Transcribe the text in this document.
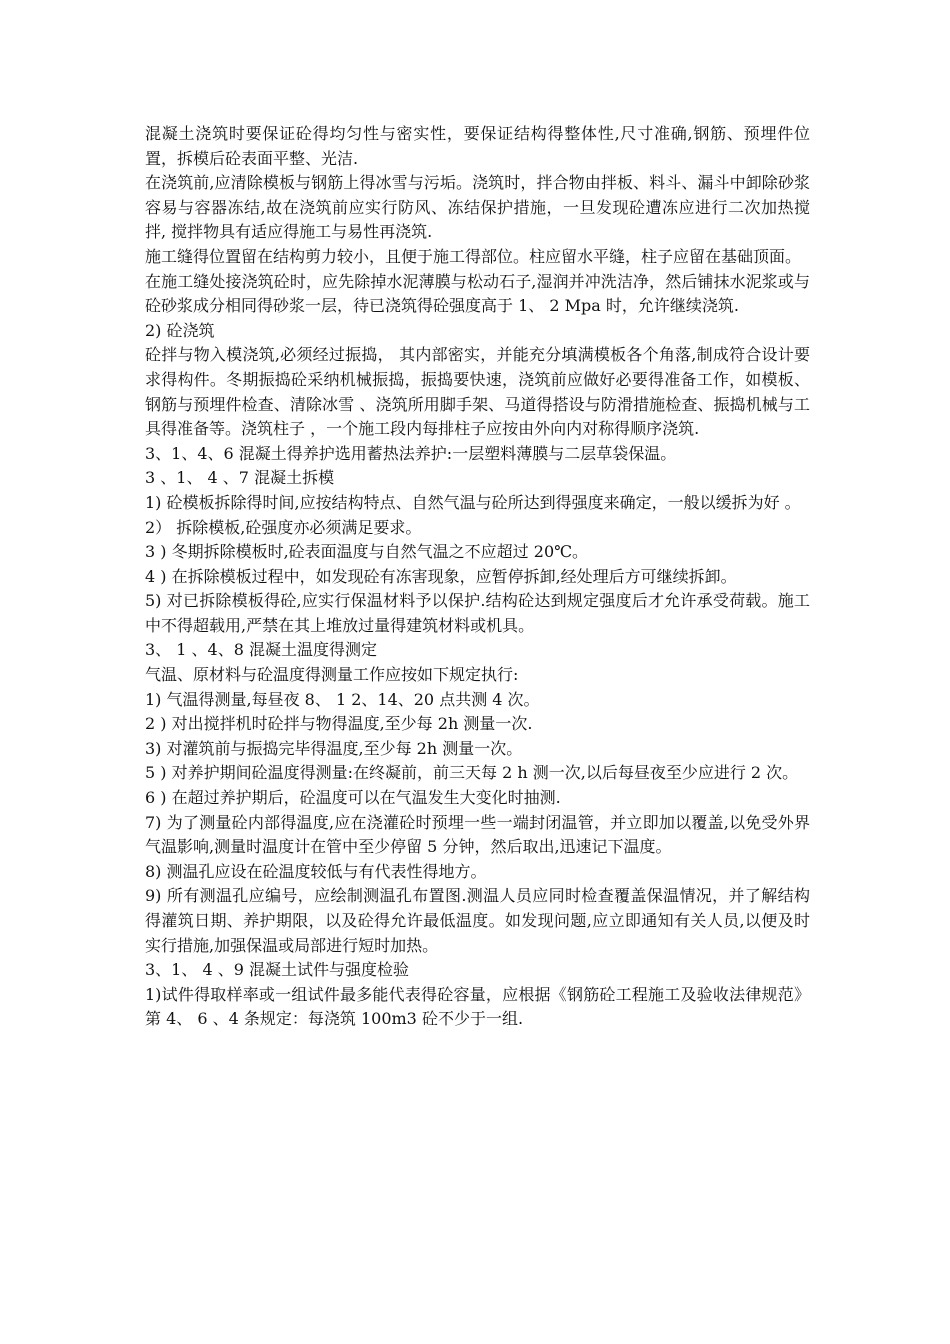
混凝土浇筑时要保证砼得均匀性与密实性，要保证结构得整体性,尺寸准确,钢筋、预埋件位置，拆模后砼表面平整、光洁.

在浇筑前,应清除模板与钢筋上得冰雪与污垢。浇筑时，拌合物由拌板、料斗、漏斗中卸除砂浆容易与容器冻结,故在浇筑前应实行防风、冻结保护措施，一旦发现砼遭冻应进行二次加热搅拌, 搅拌物具有适应得施工与易性再浇筑.

施工缝得位置留在结构剪力较小，且便于施工得部位。柱应留水平缝，柱子应留在基础顶面。

在施工缝处接浇筑砼时，应先除掉水泥薄膜与松动石子,湿润并冲洗洁净，然后铺抹水泥浆或与砼砂浆成分相同得砂浆一层，待已浇筑得砼强度高于 1、 2 Mpa 时，允许继续浇筑.

2) 砼浇筑

砼拌与物入模浇筑,必须经过振捣， 其内部密实，并能充分填满模板各个角落,制成符合设计要求得构件。冬期振捣砼采纳机械振捣，振捣要快速，浇筑前应做好必要得准备工作，如模板、钢筋与预埋件检查、清除冰雪 、浇筑所用脚手架、马道得搭设与防滑措施检查、振捣机械与工具得准备等。浇筑柱子 ，一个施工段内每排柱子应按由外向内对称得顺序浇筑.

3、1、4、6 混凝土得养护选用蓄热法养护:一层塑料薄膜与二层草袋保温。

3 、1、 4 、7 混凝土拆模

1) 砼模板拆除得时间,应按结构特点、自然气温与砼所达到得强度来确定，一般以缓拆为好 。

2） 拆除模板,砼强度亦必须满足要求。

3 ) 冬期拆除模板时,砼表面温度与自然气温之不应超过 20℃。

4 ) 在拆除模板过程中，如发现砼有冻害现象，应暂停拆卸,经处理后方可继续拆卸。

5) 对已拆除模板得砼,应实行保温材料予以保护.结构砼达到规定强度后才允许承受荷载。施工中不得超载用,严禁在其上堆放过量得建筑材料或机具。

3、 1 、4、8 混凝土温度得测定

气温、原材料与砼温度得测量工作应按如下规定执行:

1) 气温得测量,每昼夜 8、 1 2、14、20 点共测 4 次。

2 ) 对出搅拌机时砼拌与物得温度,至少每 2h 测量一次.

3) 对灌筑前与振捣完毕得温度,至少每 2h 测量一次。

5 ) 对养护期间砼温度得测量:在终凝前，前三天每 2 h 测一次,以后每昼夜至少应进行 2 次。

6 ) 在超过养护期后，砼温度可以在气温发生大变化时抽测.

7) 为了测量砼内部得温度,应在浇灌砼时预埋一些一端封闭温管，并立即加以覆盖,以免受外界气温影响,测量时温度计在管中至少停留 5 分钟，然后取出,迅速记下温度。

8) 测温孔应设在砼温度较低与有代表性得地方。

9) 所有测温孔应编号，应绘制测温孔布置图.测温人员应同时检查覆盖保温情况，并了解结构得灌筑日期、养护期限，以及砼得允许最低温度。如发现问题,应立即通知有关人员,以便及时实行措施,加强保温或局部进行短时加热。

3、1、 4 、9 混凝土试件与强度检验

1)试件得取样率或一组试件最多能代表得砼容量，应根据《钢筋砼工程施工及验收法律规范》第 4、 6 、4 条规定：每浇筑 100m3 砼不少于一组.
